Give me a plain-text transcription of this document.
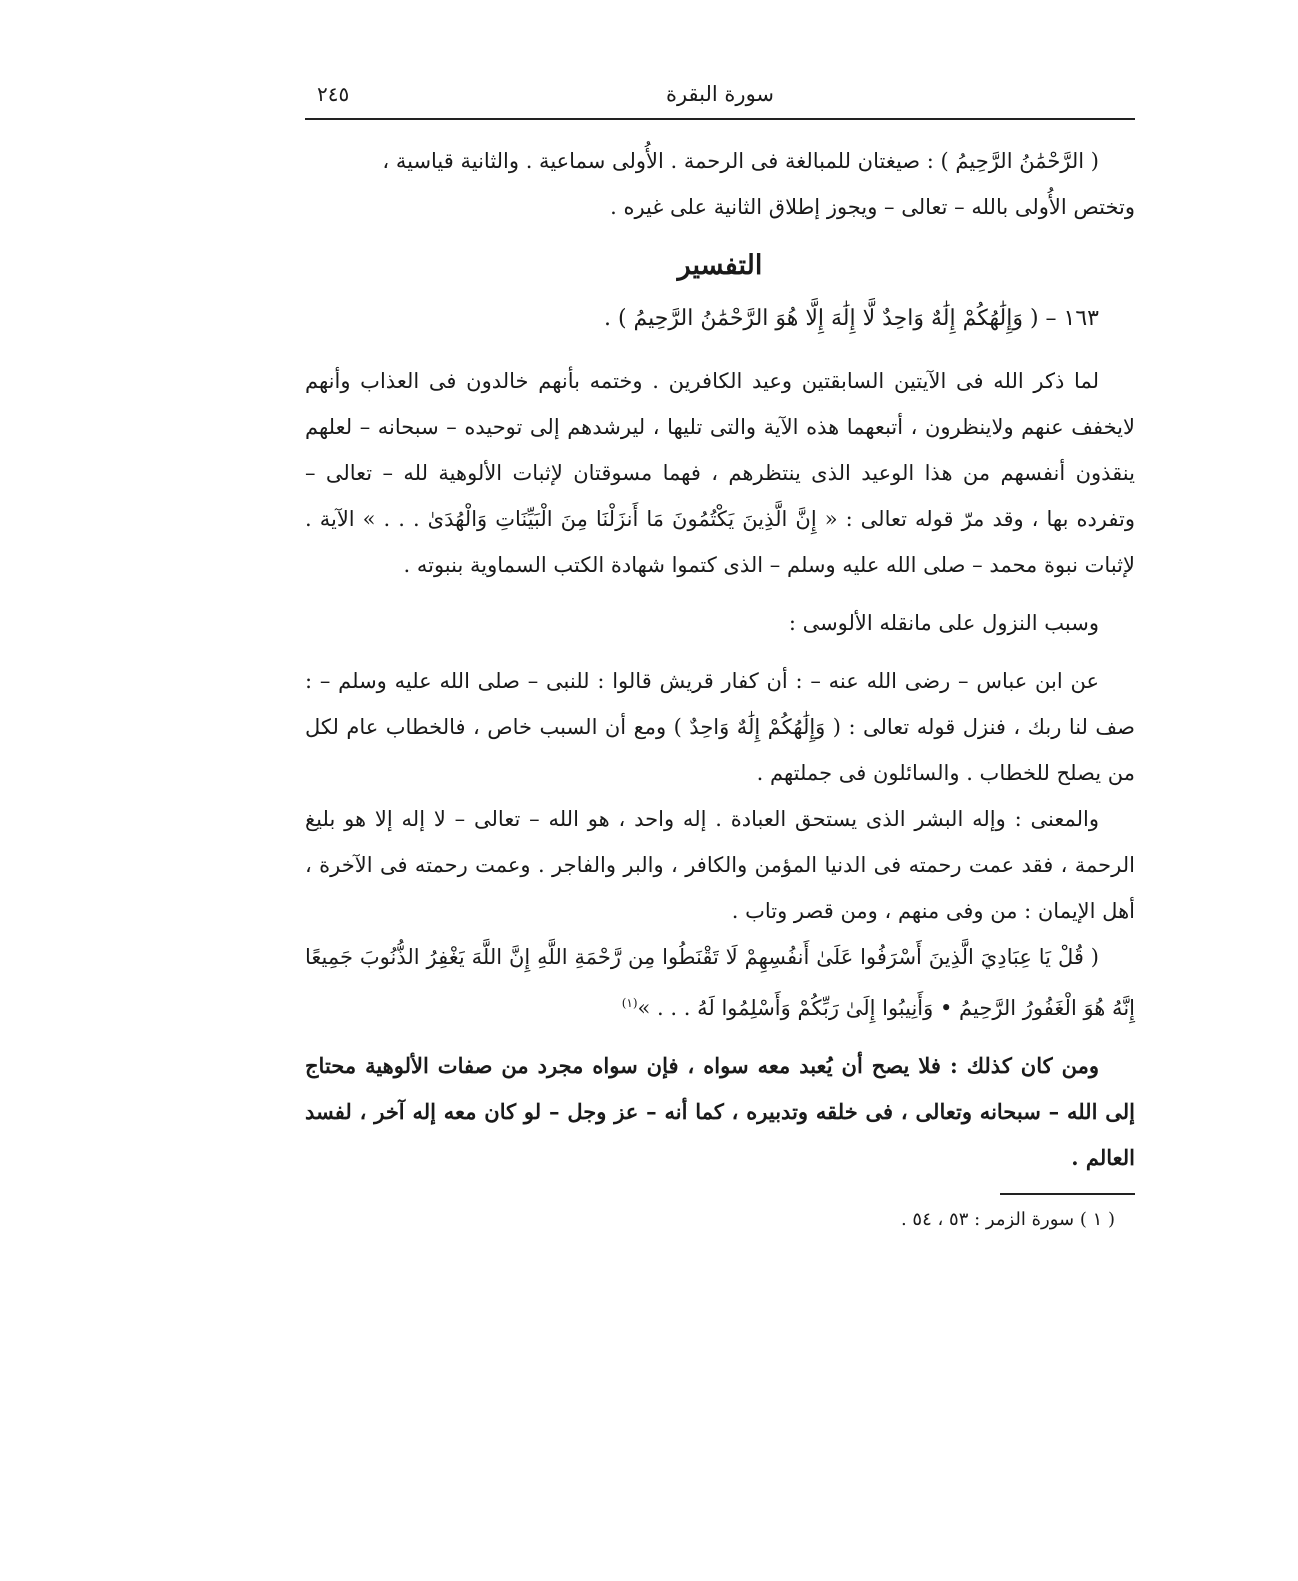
سورة البقرة
٢٤٥

( الرَّحْمَٰنُ الرَّحِيمُ ) : صيغتان للمبالغة فى الرحمة . الأُولى سماعية . والثانية قياسية ،

وتختص الأُولى بالله – تعالى – ويجوز إطلاق الثانية على غيره .

التفسير

١٦٣ – ( وَإِلَٰهُكُمْ إِلَٰهٌ وَاحِدٌ لَّا إِلَٰهَ إِلَّا هُوَ الرَّحْمَٰنُ الرَّحِيمُ ) .

لما ذكر الله فى الآيتين السابقتين وعيد الكافرين . وختمه بأنهم خالدون فى العذاب وأنهم لايخفف عنهم ولاينظرون ، أتبعهما هذه الآية والتى تليها ، ليرشدهم إلى توحيده – سبحانه – لعلهم ينقذون أنفسهم من هذا الوعيد الذى ينتظرهم ، فهما مسوقتان لإثبات الألوهية لله – تعالى – وتفرده بها ، وقد مرّ قوله تعالى : « إِنَّ الَّذِينَ يَكْتُمُونَ مَا أَنزَلْنَا مِنَ الْبَيِّنَاتِ وَالْهُدَىٰ . . . » الآية . لإثبات نبوة محمد – صلى الله عليه وسلم – الذى كتموا شهادة الكتب السماوية بنبوته .

وسبب النزول على مانقله الألوسى :

عن ابن عباس – رضى الله عنه – : أن كفار قريش قالوا : للنبى – صلى الله عليه وسلم – : صف لنا ربك ، فنزل قوله تعالى : ( وَإِلَٰهُكُمْ إِلَٰهٌ وَاحِدٌ ) ومع أن السبب خاص ، فالخطاب عام لكل من يصلح للخطاب . والسائلون فى جملتهم .

والمعنى : وإله البشر الذى يستحق العبادة . إله واحد ، هو الله – تعالى – لا إله إلا هو بليغ الرحمة ، فقد عمت رحمته فى الدنيا المؤمن والكافر ، والبر والفاجر . وعمت رحمته فى الآخرة ، أهل الإيمان : من وفى منهم ، ومن قصر وتاب .

( قُلْ يَا عِبَادِيَ الَّذِينَ أَسْرَفُوا عَلَىٰ أَنفُسِهِمْ لَا تَقْنَطُوا مِن رَّحْمَةِ اللَّهِ إِنَّ اللَّهَ يَغْفِرُ الذُّنُوبَ جَمِيعًا إِنَّهُ هُوَ الْغَفُورُ الرَّحِيمُ • وَأَنِيبُوا إِلَىٰ رَبِّكُمْ وَأَسْلِمُوا لَهُ . . . »$^{(١)}$

ومن كان كذلك : فلا يصح أن يُعبد معه سواه ، فإن سواه مجرد من صفات الألوهية محتاج إلى الله – سبحانه وتعالى ، فى خلقه وتدبيره ، كما أنه – عز وجل – لو كان معه إله آخر ، لفسد العالم .

( ١ ) سورة الزمر : ٥٣ ، ٥٤ .
